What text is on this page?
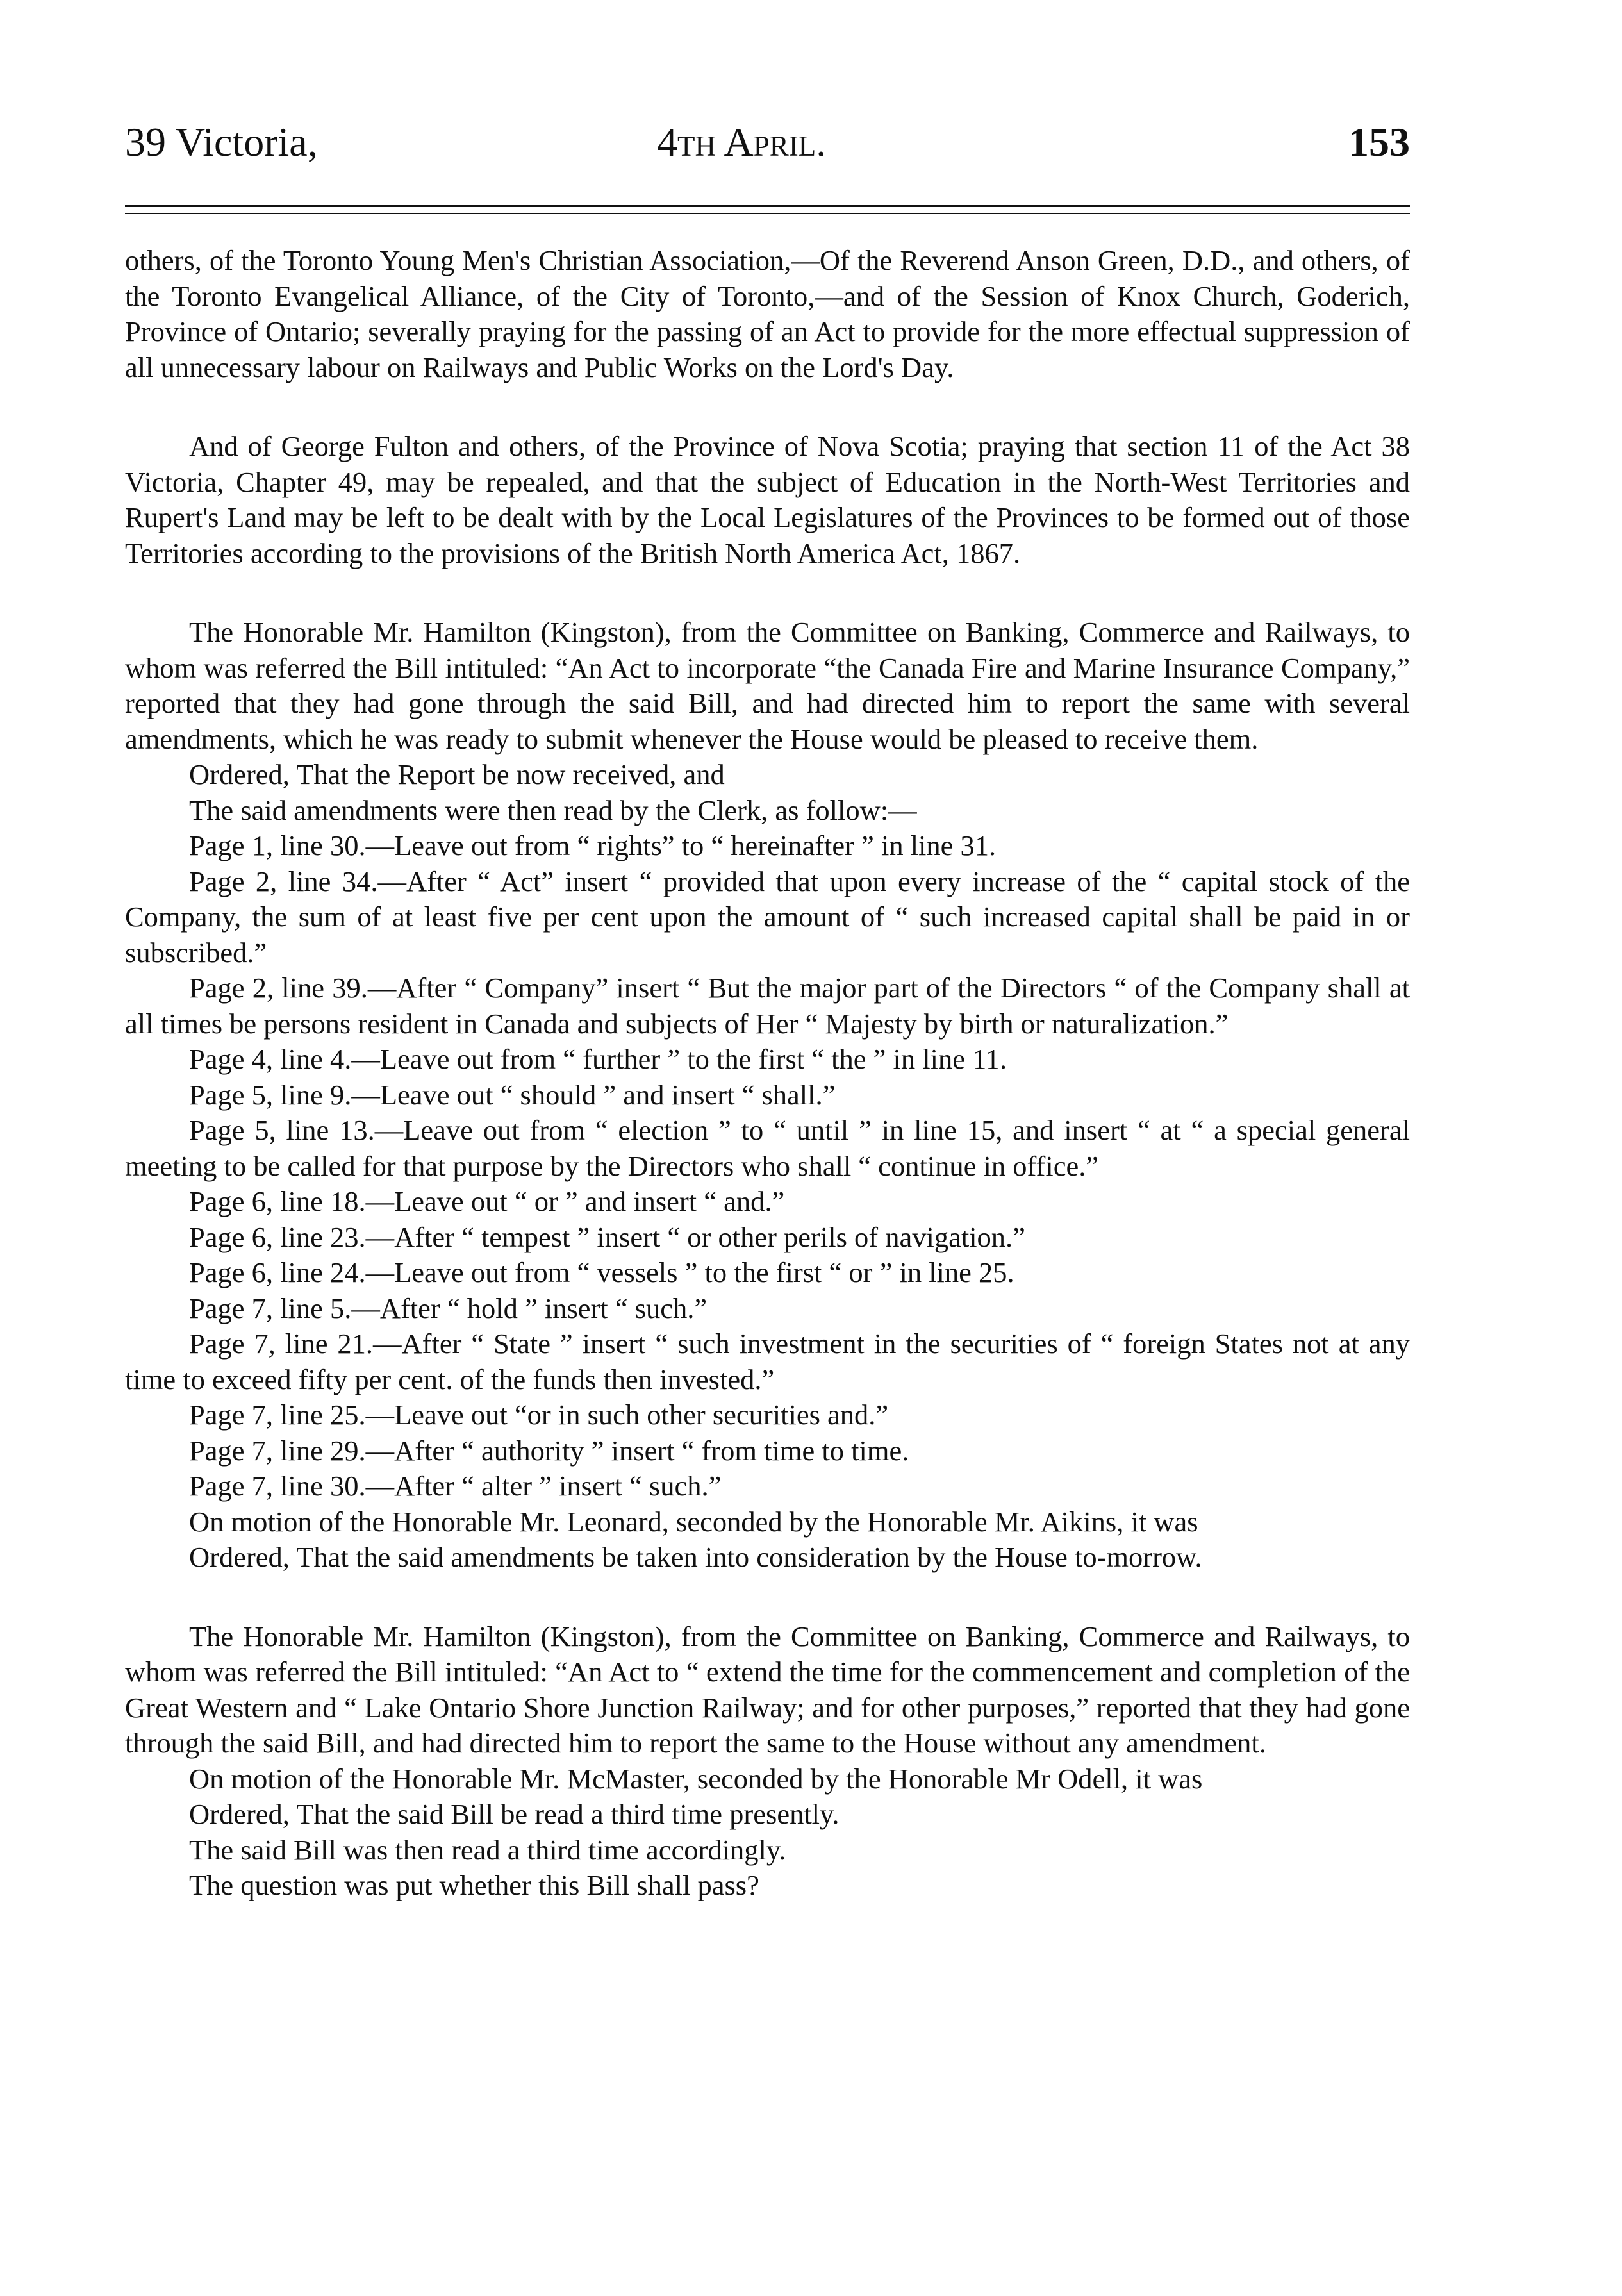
39 Victoria,	4th April.	153

others, of the Toronto Young Men's Christian Association,—Of the Reverend Anson Green, D.D., and others, of the Toronto Evangelical Alliance, of the City of Toronto,—and of the Session of Knox Church, Goderich, Province of Ontario; severally praying for the passing of an Act to provide for the more effectual suppression of all unnecessary labour on Railways and Public Works on the Lord's Day.

And of George Fulton and others, of the Province of Nova Scotia; praying that section 11 of the Act 38 Victoria, Chapter 49, may be repealed, and that the subject of Education in the North-West Territories and Rupert's Land may be left to be dealt with by the Local Legislatures of the Provinces to be formed out of those Territories according to the provisions of the British North America Act, 1867.

The Honorable Mr. Hamilton (Kingston), from the Committee on Banking, Commerce and Railways, to whom was referred the Bill intituled: “An Act to incorporate “the Canada Fire and Marine Insurance Company,” reported that they had gone through the said Bill, and had directed him to report the same with several amendments, which he was ready to submit whenever the House would be pleased to receive them.

Ordered, That the Report be now received, and

The said amendments were then read by the Clerk, as follow:—

Page 1, line 30.—Leave out from “ rights” to “ hereinafter ” in line 31.

Page 2, line 34.—After “ Act” insert “ provided that upon every increase of the “ capital stock of the Company, the sum of at least five per cent upon the amount of “ such increased capital shall be paid in or subscribed.”

Page 2, line 39.—After “ Company” insert “ But the major part of the Directors “ of the Company shall at all times be persons resident in Canada and subjects of Her “ Majesty by birth or naturalization.”

Page 4, line 4.—Leave out from “ further ” to the first “ the ” in line 11.

Page 5, line 9.—Leave out “ should ” and insert “ shall.”

Page 5, line 13.—Leave out from “ election ” to “ until ” in line 15, and insert “ at “ a special general meeting to be called for that purpose by the Directors who shall “ continue in office.”

Page 6, line 18.—Leave out “ or ” and insert “ and.”

Page 6, line 23.—After “ tempest ” insert “ or other perils of navigation.”

Page 6, line 24.—Leave out from “ vessels ” to the first “ or ” in line 25.

Page 7, line 5.—After “ hold ” insert “ such.”

Page 7, line 21.—After “ State ” insert “ such investment in the securities of “ foreign States not at any time to exceed fifty per cent. of the funds then invested.”

Page 7, line 25.—Leave out “or in such other securities and.”

Page 7, line 29.—After “ authority ” insert “ from time to time.

Page 7, line 30.—After “ alter ” insert “ such.”

On motion of the Honorable Mr. Leonard, seconded by the Honorable Mr. Aikins, it was

Ordered, That the said amendments be taken into consideration by the House to-morrow.

The Honorable Mr. Hamilton (Kingston), from the Committee on Banking, Commerce and Railways, to whom was referred the Bill intituled: “An Act to “ extend the time for the commencement and completion of the Great Western and “ Lake Ontario Shore Junction Railway; and for other purposes,” reported that they had gone through the said Bill, and had directed him to report the same to the House without any amendment.

On motion of the Honorable Mr. McMaster, seconded by the Honorable Mr Odell, it was

Ordered, That the said Bill be read a third time presently.

The said Bill was then read a third time accordingly.

The question was put whether this Bill shall pass?
